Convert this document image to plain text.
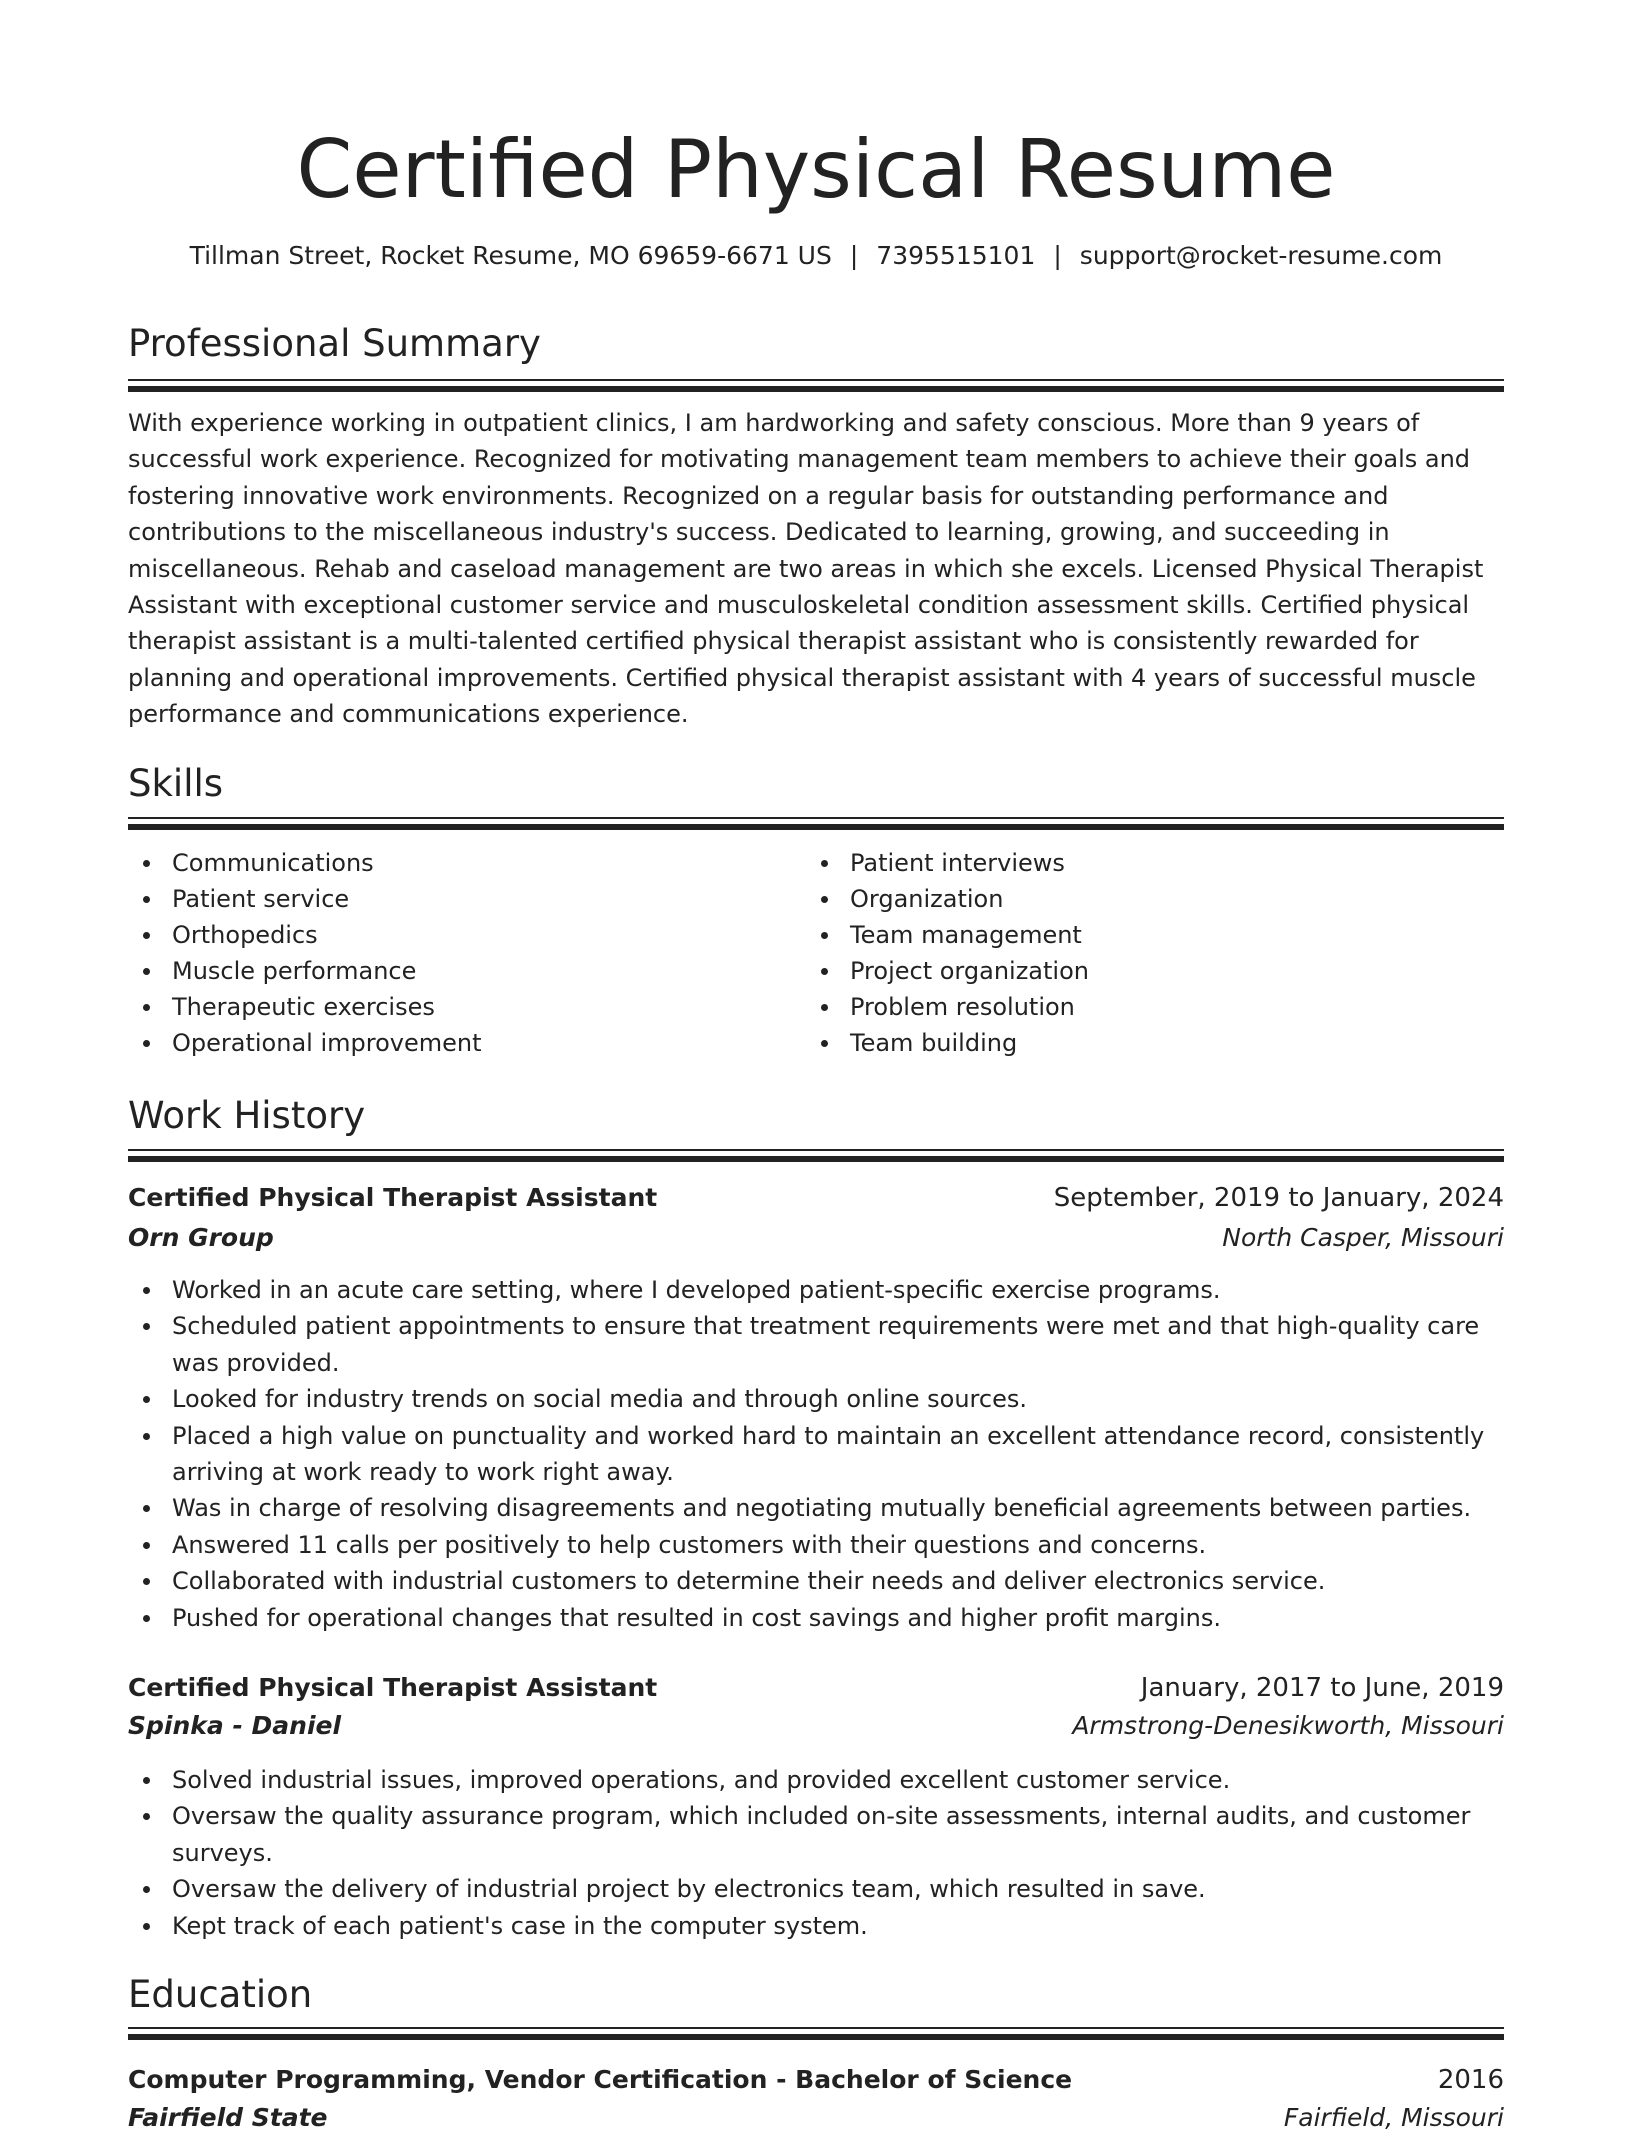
Certified Physical Resume
Tillman Street, Rocket Resume, MO 69659-6671 US | 7395515101 | support@rocket-resume.com
Professional Summary

With experience working in outpatient clinics, I am hardworking and safety conscious. More than 9 years of successful work experience. Recognized for motivating management team members to achieve their goals and fostering innovative work environments. Recognized on a regular basis for outstanding performance and contributions to the miscellaneous industry's success. Dedicated to learning, growing, and succeeding in miscellaneous. Rehab and caseload management are two areas in which she excels. Licensed Physical Therapist Assistant with exceptional customer service and musculoskeletal condition assessment skills. Certified physical therapist assistant is a multi-talented certified physical therapist assistant who is consistently rewarded for planning and operational improvements. Certified physical therapist assistant with 4 years of successful muscle performance and communications experience.

Skills
Communications
Patient service
Orthopedics
Muscle performance
Therapeutic exercises
Operational improvement
Patient interviews
Organization
Team management
Project organization
Problem resolution
Team building
Work History
Certified Physical Therapist Assistant	September, 2019 to January, 2024
Orn Group	North Casper, Missouri
Worked in an acute care setting, where I developed patient-specific exercise programs.
Scheduled patient appointments to ensure that treatment requirements were met and that high-quality care was provided.
Looked for industry trends on social media and through online sources.
Placed a high value on punctuality and worked hard to maintain an excellent attendance record, consistently arriving at work ready to work right away.
Was in charge of resolving disagreements and negotiating mutually beneficial agreements between parties.
Answered 11 calls per positively to help customers with their questions and concerns.
Collaborated with industrial customers to determine their needs and deliver electronics service.
Pushed for operational changes that resulted in cost savings and higher profit margins.
Certified Physical Therapist Assistant	January, 2017 to June, 2019
Spinka - Daniel	Armstrong-Denesikworth, Missouri
Solved industrial issues, improved operations, and provided excellent customer service.
Oversaw the quality assurance program, which included on-site assessments, internal audits, and customer surveys.
Oversaw the delivery of industrial project by electronics team, which resulted in save.
Kept track of each patient's case in the computer system.
Education
Computer Programming, Vendor Certification - Bachelor of Science	2016
Fairfield State	Fairfield, Missouri
